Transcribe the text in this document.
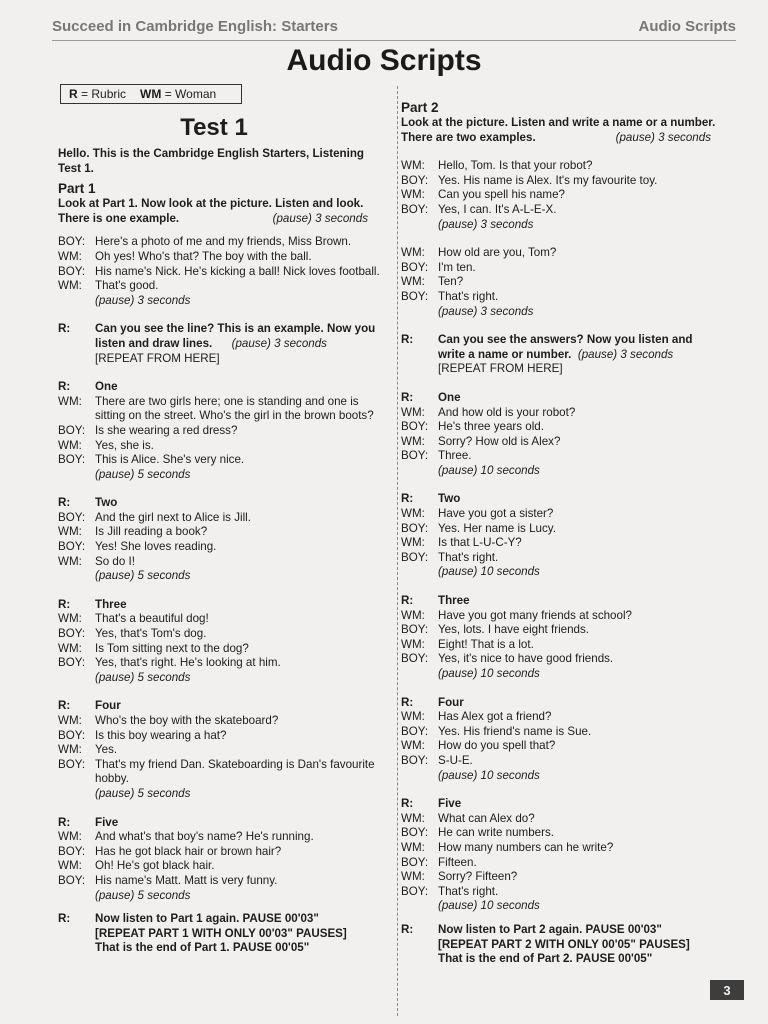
Succeed in Cambridge English: Starters	Audio Scripts
Audio Scripts
R = Rubric WM = Woman
Test 1

Hello. This is the Cambridge English Starters, Listening Test 1.

Part 1
Look at Part 1. Now look at the picture. Listen and look.
There is one example.	(pause) 3 seconds
BOY: Here's a photo of me and my friends, Miss Brown.
WM:	Oh yes! Who's that? The boy with the ball.
BOY: His name's Nick. He's kicking a ball! Nick loves football.
WM:	That's good.
(pause) 3 seconds
R:	Can you see the line? This is an example. Now you
listen and draw lines. (pause) 3 seconds
[REPEAT FROM HERE]
R:	One
WM:	There are two girls here; one is standing and one is sitting on the street. Who's the girl in the brown boots?
BOY: Is she wearing a red dress?
WM:	Yes, she is.
BOY: This is Alice. She's very nice.
(pause) 5 seconds
R:	Two
BOY: And the girl next to Alice is Jill.
WM:	Is Jill reading a book?
BOY: Yes! She loves reading.
WM:	So do I!
(pause) 5 seconds
R:	Three
WM:	That's a beautiful dog!
BOY: Yes, that's Tom's dog.
WM:	Is Tom sitting next to the dog?
BOY: Yes, that's right. He's looking at him.
(pause) 5 seconds
R:	Four
WM:	Who's the boy with the skateboard?
BOY: Is this boy wearing a hat?
WM:	Yes.
BOY: That's my friend Dan. Skateboarding is Dan's favourite hobby.
(pause) 5 seconds
R:	Five
WM:	And what's that boy's name? He's running.
BOY: Has he got black hair or brown hair?
WM:	Oh! He's got black hair.
BOY: His name's Matt. Matt is very funny.
(pause) 5 seconds
R:	Now listen to Part 1 again. PAUSE 00'03"
[REPEAT PART 1 WITH ONLY 00'03" PAUSES]
That is the end of Part 1. PAUSE 00'05"
Part 2
Look at the picture. Listen and write a name or a number.
There are two examples.	(pause) 3 seconds
WM:	Hello, Tom. Is that your robot?
BOY: Yes. His name is Alex. It's my favourite toy.
WM:	Can you spell his name?
BOY: Yes, I can. It's A-L-E-X.
(pause) 3 seconds
WM:	How old are you, Tom?
BOY: I'm ten.
WM:	Ten?
BOY: That's right.
(pause) 3 seconds
R:	Can you see the answers? Now you listen and
write a name or number. (pause) 3 seconds
[REPEAT FROM HERE]
R:	One
WM:	And how old is your robot?
BOY: He's three years old.
WM:	Sorry? How old is Alex?
BOY: Three.
(pause) 10 seconds
R:	Two
WM:	Have you got a sister?
BOY: Yes. Her name is Lucy.
WM:	Is that L-U-C-Y?
BOY: That's right.
(pause) 10 seconds
R:	Three
WM:	Have you got many friends at school?
BOY: Yes, lots. I have eight friends.
WM:	Eight! That is a lot.
BOY: Yes, it's nice to have good friends.
(pause) 10 seconds
R:	Four
WM:	Has Alex got a friend?
BOY: Yes. His friend's name is Sue.
WM:	How do you spell that?
BOY: S-U-E.
(pause) 10 seconds
R:	Five
WM:	What can Alex do?
BOY: He can write numbers.
WM:	How many numbers can he write?
BOY: Fifteen.
WM:	Sorry? Fifteen?
BOY: That's right.
(pause) 10 seconds
R:	Now listen to Part 2 again. PAUSE 00'03"
[REPEAT PART 2 WITH ONLY 00'05" PAUSES]
That is the end of Part 2. PAUSE 00'05"
3
